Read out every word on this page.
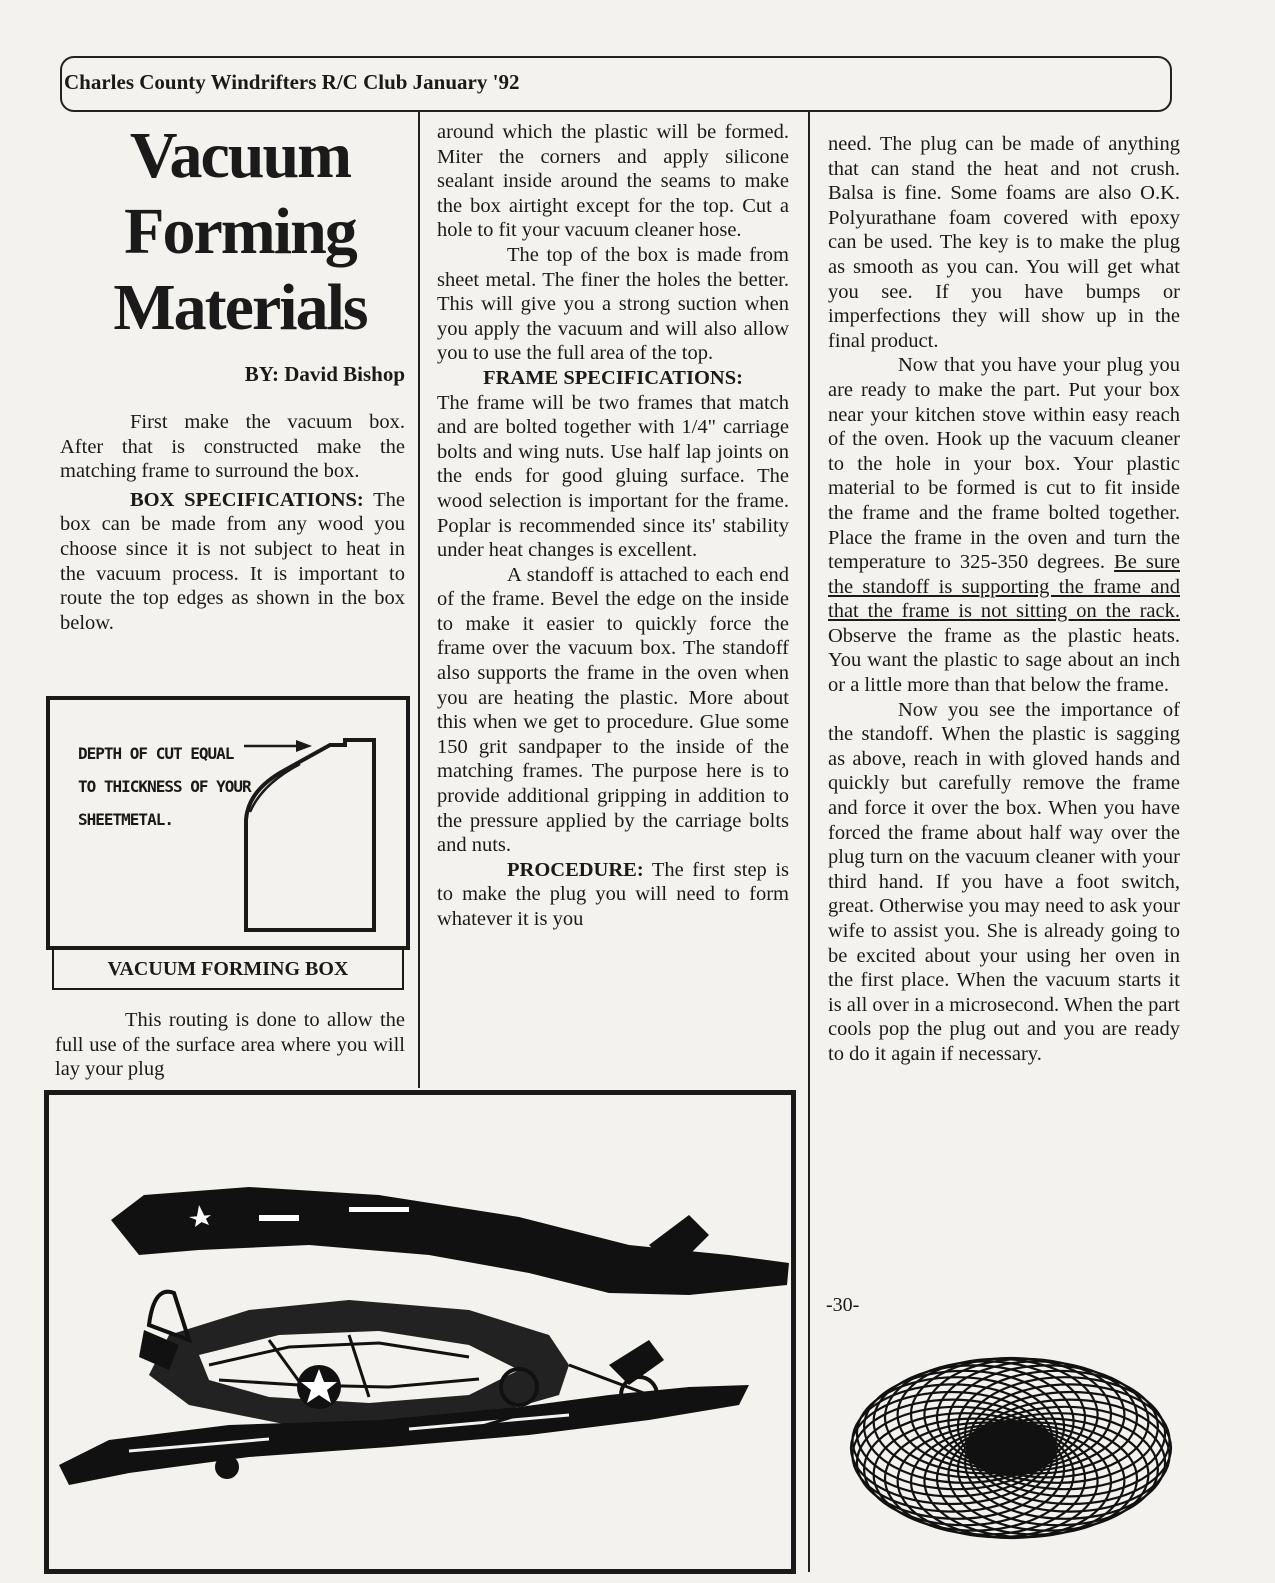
Charles County Windrifters R/C Club January '92
Vacuum
Forming
Materials
BY: David Bishop

First make the vacuum box. After that is constructed make the matching frame to surround the box.

BOX SPECIFICATIONS: The box can be made from any wood you choose since it is not subject to heat in the vacuum process. It is important to route the top edges as shown in the box below.

DEPTH OF CUT EQUAL
TO THICKNESS OF YOUR
SHEETMETAL.
VACUUM FORMING BOX

This routing is done to allow the full use of the surface area where you will lay your plug

around which the plastic will be formed. Miter the corners and apply silicone sealant inside around the seams to make the box airtight except for the top. Cut a hole to fit your vacuum cleaner hose.

The top of the box is made from sheet metal. The finer the holes the better. This will give you a strong suction when you apply the vacuum and will also allow you to use the full area of the top.

FRAME SPECIFICATIONS:

The frame will be two frames that match and are bolted together with 1/4" carriage bolts and wing nuts. Use half lap joints on the ends for good gluing surface. The wood selection is important for the frame. Poplar is recommended since its' stability under heat changes is excellent.

A standoff is attached to each end of the frame. Bevel the edge on the inside to make it easier to quickly force the frame over the vacuum box. The standoff also supports the frame in the oven when you are heating the plastic. More about this when we get to procedure. Glue some 150 grit sandpaper to the inside of the matching frames. The purpose here is to provide additional gripping in addition to the pressure applied by the carriage bolts and nuts.

PROCEDURE: The first step is to make the plug you will need to form whatever it is you

need. The plug can be made of anything that can stand the heat and not crush. Balsa is fine. Some foams are also O.K. Polyurathane foam covered with epoxy can be used. The key is to make the plug as smooth as you can. You will get what you see. If you have bumps or imperfections they will show up in the final product.

Now that you have your plug you are ready to make the part. Put your box near your kitchen stove within easy reach of the oven. Hook up the vacuum cleaner to the hole in your box. Your plastic material to be formed is cut to fit inside the frame and the frame bolted together. Place the frame in the oven and turn the temperature to 325-350 degrees. Be sure the standoff is supporting the frame and that the frame is not sitting on the rack. Observe the frame as the plastic heats. You want the plastic to sage about an inch or a little more than that below the frame.

Now you see the importance of the standoff. When the plastic is sagging as above, reach in with gloved hands and quickly but carefully remove the frame and force it over the box. When you have forced the frame about half way over the plug turn on the vacuum cleaner with your third hand. If you have a foot switch, great. Otherwise you may need to ask your wife to assist you. She is already going to be excited about your using her oven in the first place. When the vacuum starts it is all over in a microsecond. When the part cools pop the plug out and you are ready to do it again if necessary.

-30-
